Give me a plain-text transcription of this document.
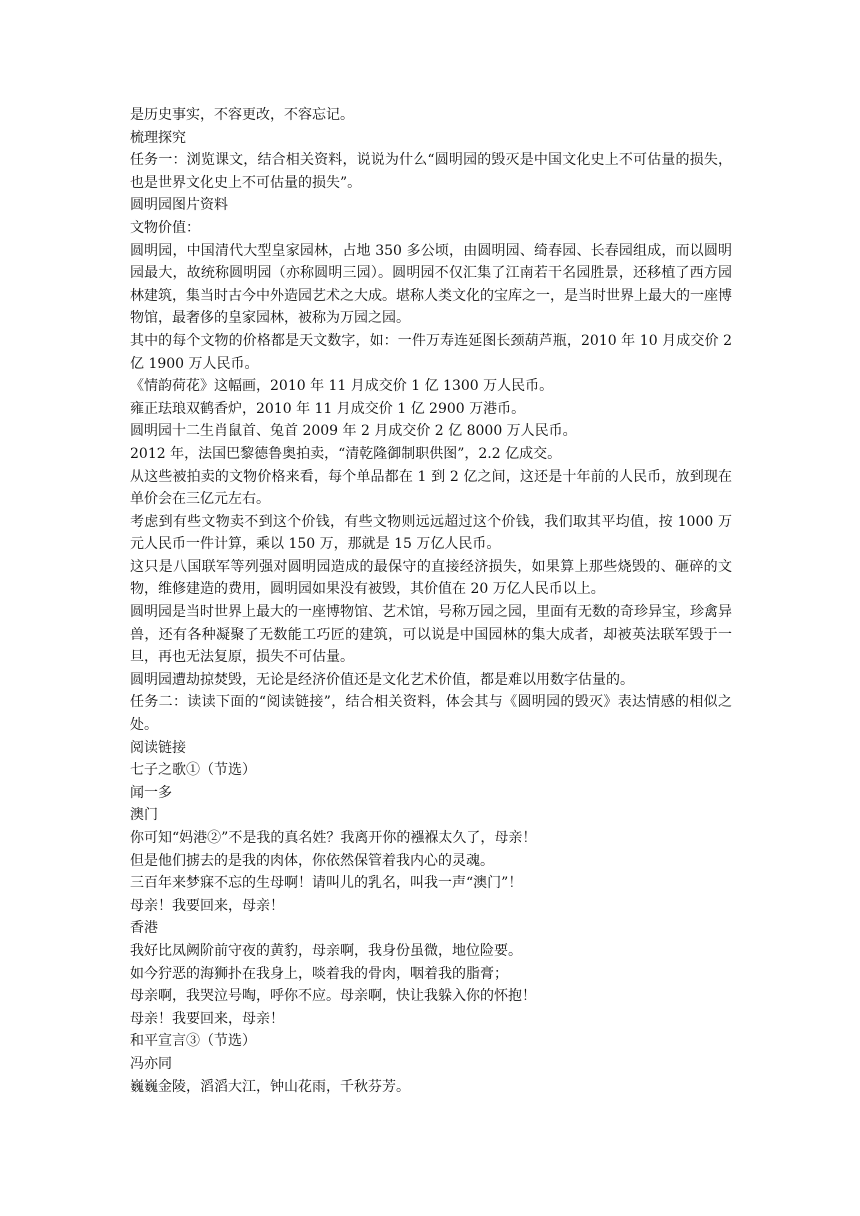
是历史事实，不容更改，不容忘记。

梳理探究

任务一：浏览课文，结合相关资料，说说为什么“圆明园的毁灭是中国文化史上不可估量的损失，也是世界文化史上不可估量的损失”。

圆明园图片资料

文物价值：

圆明园，中国清代大型皇家园林，占地 350 多公顷，由圆明园、绮春园、长春园组成，而以圆明园最大，故统称圆明园（亦称圆明三园）。圆明园不仅汇集了江南若干名园胜景，还移植了西方园林建筑，集当时古今中外造园艺术之大成。堪称人类文化的宝库之一，是当时世界上最大的一座博物馆，最奢侈的皇家园林，被称为万园之园。

其中的每个文物的价格都是天文数字，如：一件万寿连延图长颈葫芦瓶，2010 年 10 月成交价 2 亿 1900 万人民币。

《情韵荷花》这幅画，2010 年 11 月成交价 1 亿 1300 万人民币。

雍正珐琅双鹤香炉，2010 年 11 月成交价 1 亿 2900 万港币。

圆明园十二生肖鼠首、兔首 2009 年 2 月成交价 2 亿 8000 万人民币。

2012 年，法国巴黎德鲁奥拍卖，“清乾隆御制职供图”，2.2 亿成交。

从这些被拍卖的文物价格来看，每个单品都在 1 到 2 亿之间，这还是十年前的人民币，放到现在单价会在三亿元左右。

考虑到有些文物卖不到这个价钱，有些文物则远远超过这个价钱，我们取其平均值，按 1000 万元人民币一件计算，乘以 150 万，那就是 15 万亿人民币。

这只是八国联军等列强对圆明园造成的最保守的直接经济损失，如果算上那些烧毁的、砸碎的文物，维修建造的费用，圆明园如果没有被毁，其价值在 20 万亿人民币以上。

圆明园是当时世界上最大的一座博物馆、艺术馆，号称万园之园，里面有无数的奇珍异宝，珍禽异兽，还有各种凝聚了无数能工巧匠的建筑，可以说是中国园林的集大成者，却被英法联军毁于一旦，再也无法复原，损失不可估量。

圆明园遭劫掠焚毁，无论是经济价值还是文化艺术价值，都是难以用数字估量的。

任务二：读读下面的“阅读链接”，结合相关资料，体会其与《圆明园的毁灭》表达情感的相似之处。

阅读链接

七子之歌①（节选）

闻一多

澳门

你可知“妈港②”不是我的真名姓？我离开你的襁褓太久了，母亲！

但是他们掳去的是我的肉体，你依然保管着我内心的灵魂。

三百年来梦寐不忘的生母啊！请叫儿的乳名，叫我一声“澳门”！

母亲！我要回来，母亲！

香港

我好比凤阙阶前守夜的黄豹，母亲啊，我身份虽微，地位险要。

如今狞恶的海狮扑在我身上，啖着我的骨肉，咽着我的脂膏；

母亲啊，我哭泣号啕，呼你不应。母亲啊，快让我躲入你的怀抱！

母亲！我要回来，母亲！

和平宣言③（节选）

冯亦同

巍巍金陵，滔滔大江，钟山花雨，千秋芬芳。
